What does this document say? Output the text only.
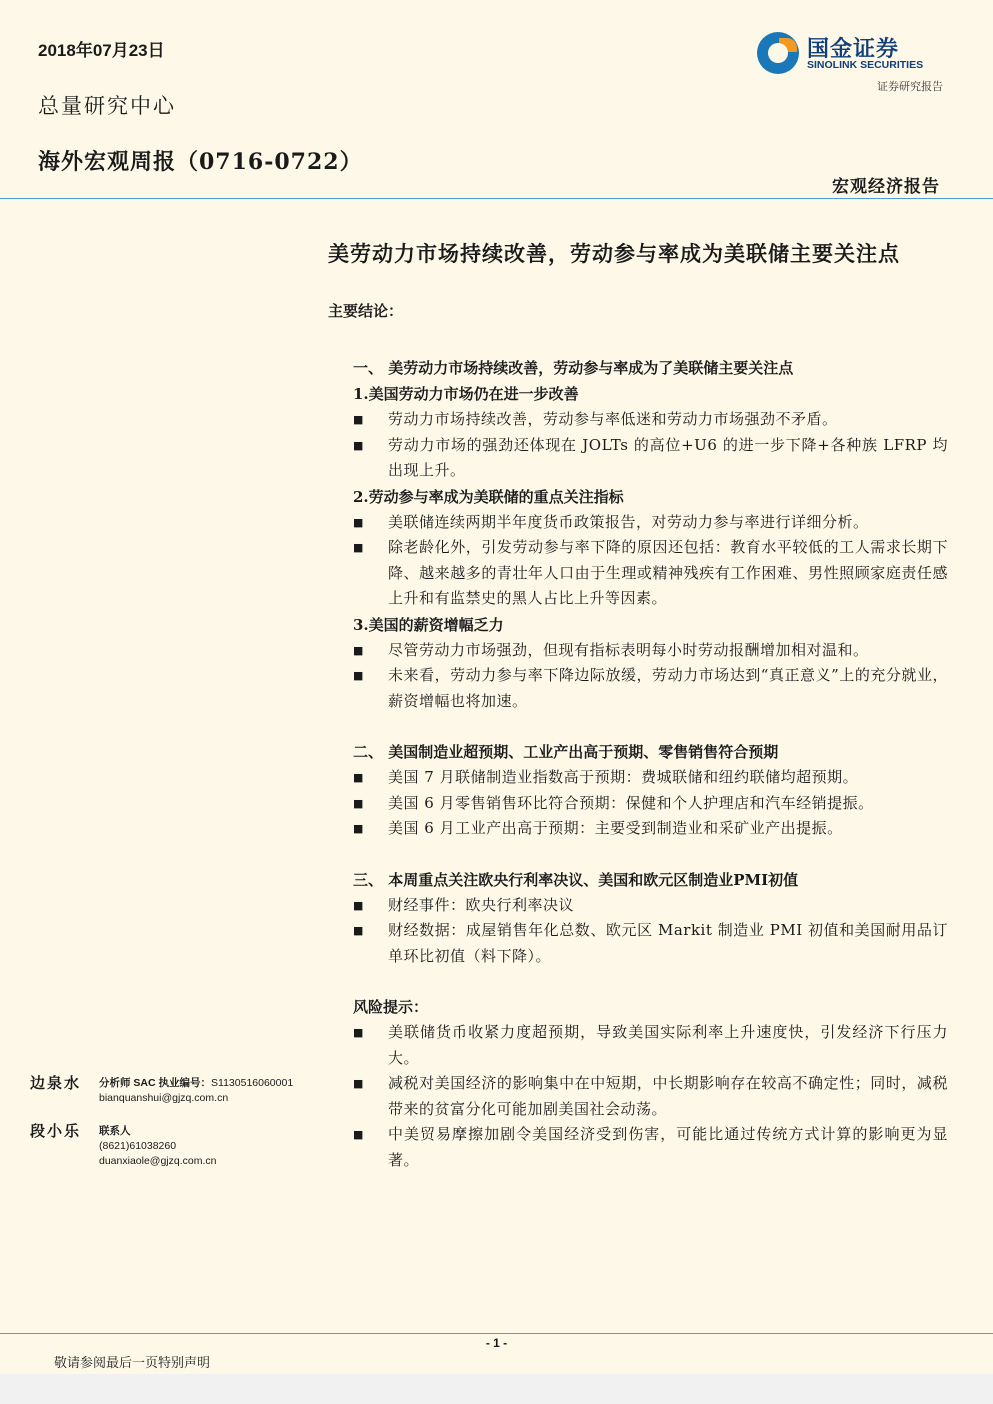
2018年07月23日
总量研究中心
海外宏观周报（0716-0722）
国金证券
SINOLINK SECURITIES
证券研究报告
宏观经济报告
美劳动力市场持续改善，劳动参与率成为美联储主要关注点
主要结论：
一、 美劳动力市场持续改善，劳动参与率成为了美联储主要关注点
1.美国劳动力市场仍在进一步改善
■	劳动力市场持续改善，劳动参与率低迷和劳动力市场强劲不矛盾。
■	劳动力市场的强劲还体现在 JOLTs 的高位+U6 的进一步下降+各种族 LFRP 均出现上升。
2.劳动参与率成为美联储的重点关注指标
■	美联储连续两期半年度货币政策报告，对劳动力参与率进行详细分析。
■	除老龄化外，引发劳动参与率下降的原因还包括：教育水平较低的工人需求长期下降、越来越多的青壮年人口由于生理或精神残疾有工作困难、男性照顾家庭责任感上升和有监禁史的黑人占比上升等因素。
3.美国的薪资增幅乏力
■	尽管劳动力市场强劲，但现有指标表明每小时劳动报酬增加相对温和。
■	未来看，劳动力参与率下降边际放缓，劳动力市场达到“真正意义”上的充分就业，薪资增幅也将加速。
二、 美国制造业超预期、工业产出高于预期、零售销售符合预期
■	美国 7 月联储制造业指数高于预期：费城联储和纽约联储均超预期。
■	美国 6 月零售销售环比符合预期：保健和个人护理店和汽车经销提振。
■	美国 6 月工业产出高于预期：主要受到制造业和采矿业产出提振。
三、 本周重点关注欧央行利率决议、美国和欧元区制造业PMI初值
■	财经事件：欧央行利率决议
■	财经数据：成屋销售年化总数、欧元区 Markit 制造业 PMI 初值和美国耐用品订单环比初值（料下降）。
风险提示：
■	美联储货币收紧力度超预期，导致美国实际利率上升速度快，引发经济下行压力大。
■	减税对美国经济的影响集中在中短期，中长期影响存在较高不确定性；同时，减税带来的贫富分化可能加剧美国社会动荡。
■	中美贸易摩擦加剧令美国经济受到伤害，可能比通过传统方式计算的影响更为显著。
边泉水 分析师 SAC 执业编号：S1130516060001
bianquanshui@gjzq.com.cn
段小乐 联系人
(8621)61038260
duanxiaole@gjzq.com.cn
- 1 -
敬请参阅最后一页特别声明
